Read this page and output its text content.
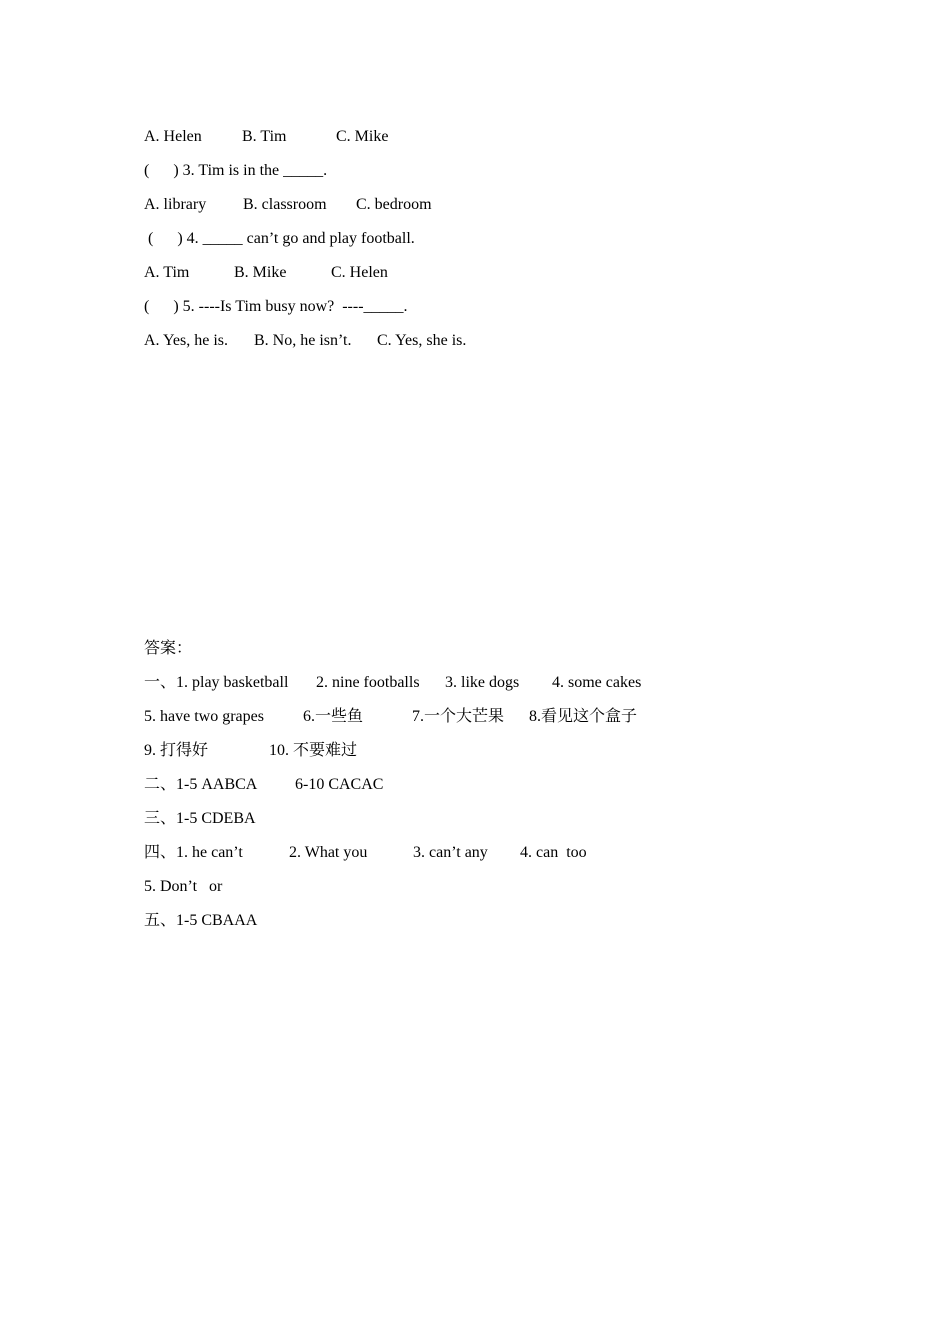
A. Helen

	B. Tim

	C. Mike

(      ) 3. Tim is in the _____.

A. library

B. classroom

C. bedroom

(      ) 4. _____ can’t go and play football.

A. Tim

	B. Mike

	C. Helen

(      ) 5. ----Is Tim busy now?  ----_____.

A. Yes, he is.

B. No, he isn’t.

C. Yes, she is.

答案：

一、1. play basketball

2. nine footballs

3. like dogs

4. some cakes

5. have two grapes

6.一些鱼

	7.一个大芒果

8.看见这个盒子

9. 打得好

	10. 不要难过

二、1-5 AABCA

6-10 CACAC

三、1-5 CDEBA

四、1. he can’t

	2. What you

	3. can’t any

4. can  too

5. Don’t   or
五、1-5 CBAAA
